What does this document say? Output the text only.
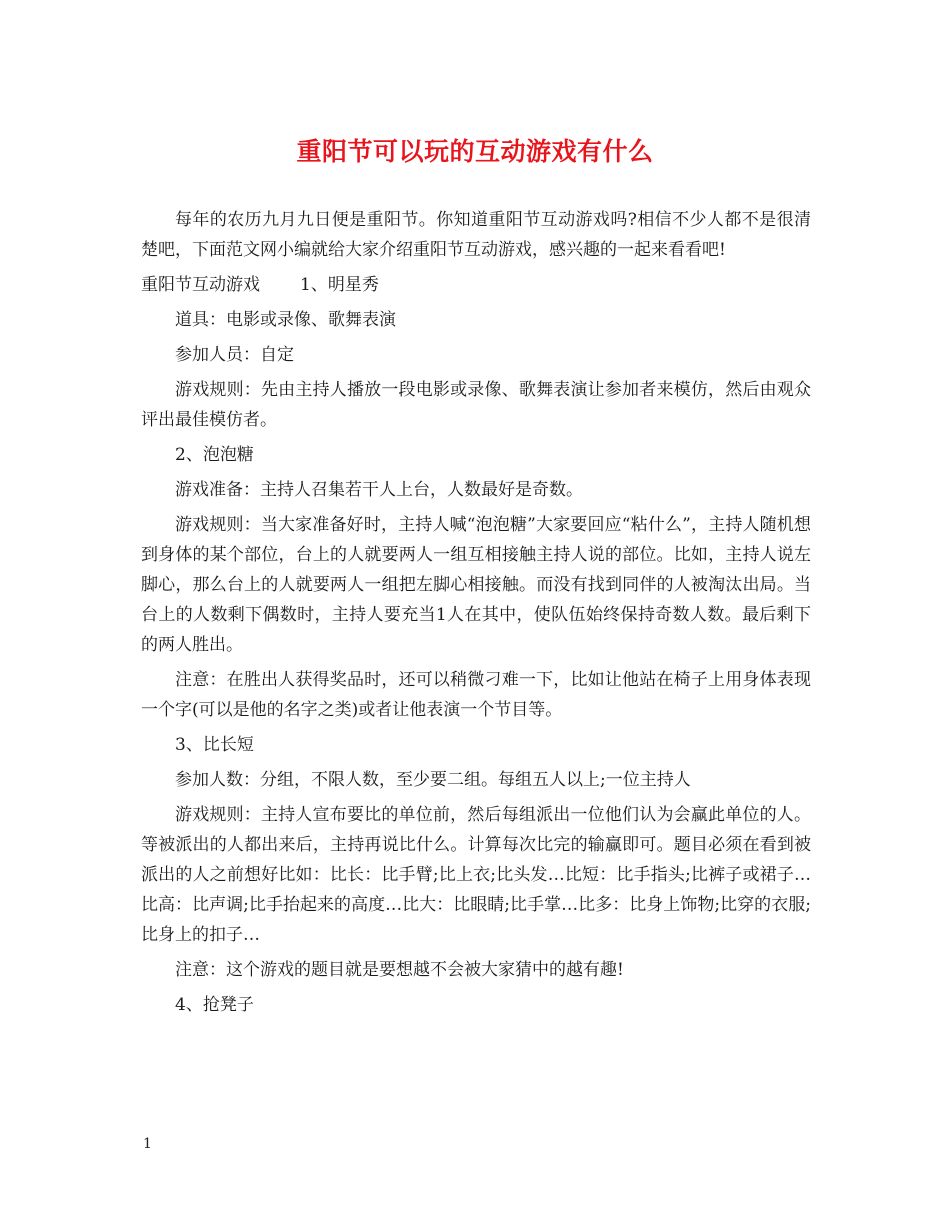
重阳节可以玩的互动游戏有什么

每年的农历九月九日便是重阳节。你知道重阳节互动游戏吗?相信不少人都不是很清楚吧，下面范文网小编就给大家介绍重阳节互动游戏，感兴趣的一起来看看吧!

重阳节互动游戏 1、明星秀

道具：电影或录像、歌舞表演

参加人员：自定

游戏规则：先由主持人播放一段电影或录像、歌舞表演让参加者来模仿，然后由观众评出最佳模仿者。

2、泡泡糖

游戏准备：主持人召集若干人上台，人数最好是奇数。

游戏规则：当大家准备好时，主持人喊“泡泡糖”大家要回应“粘什么”，主持人随机想到身体的某个部位，台上的人就要两人一组互相接触主持人说的部位。比如，主持人说左脚心，那么台上的人就要两人一组把左脚心相接触。而没有找到同伴的人被淘汰出局。当台上的人数剩下偶数时，主持人要充当1人在其中，使队伍始终保持奇数人数。最后剩下的两人胜出。

注意：在胜出人获得奖品时，还可以稍微刁难一下，比如让他站在椅子上用身体表现一个字(可以是他的名字之类)或者让他表演一个节目等。

3、比长短

参加人数：分组，不限人数，至少要二组。每组五人以上;一位主持人

游戏规则：主持人宣布要比的单位前，然后每组派出一位他们认为会赢此单位的人。等被派出的人都出来后，主持再说比什么。计算每次比完的输赢即可。题目必须在看到被派出的人之前想好比如：比长：比手臂;比上衣;比头发…比短：比手指头;比裤子或裙子…比高：比声调;比手抬起来的高度…比大：比眼睛;比手掌…比多：比身上饰物;比穿的衣服;比身上的扣子…

注意：这个游戏的题目就是要想越不会被大家猜中的越有趣!

4、抢凳子

1
